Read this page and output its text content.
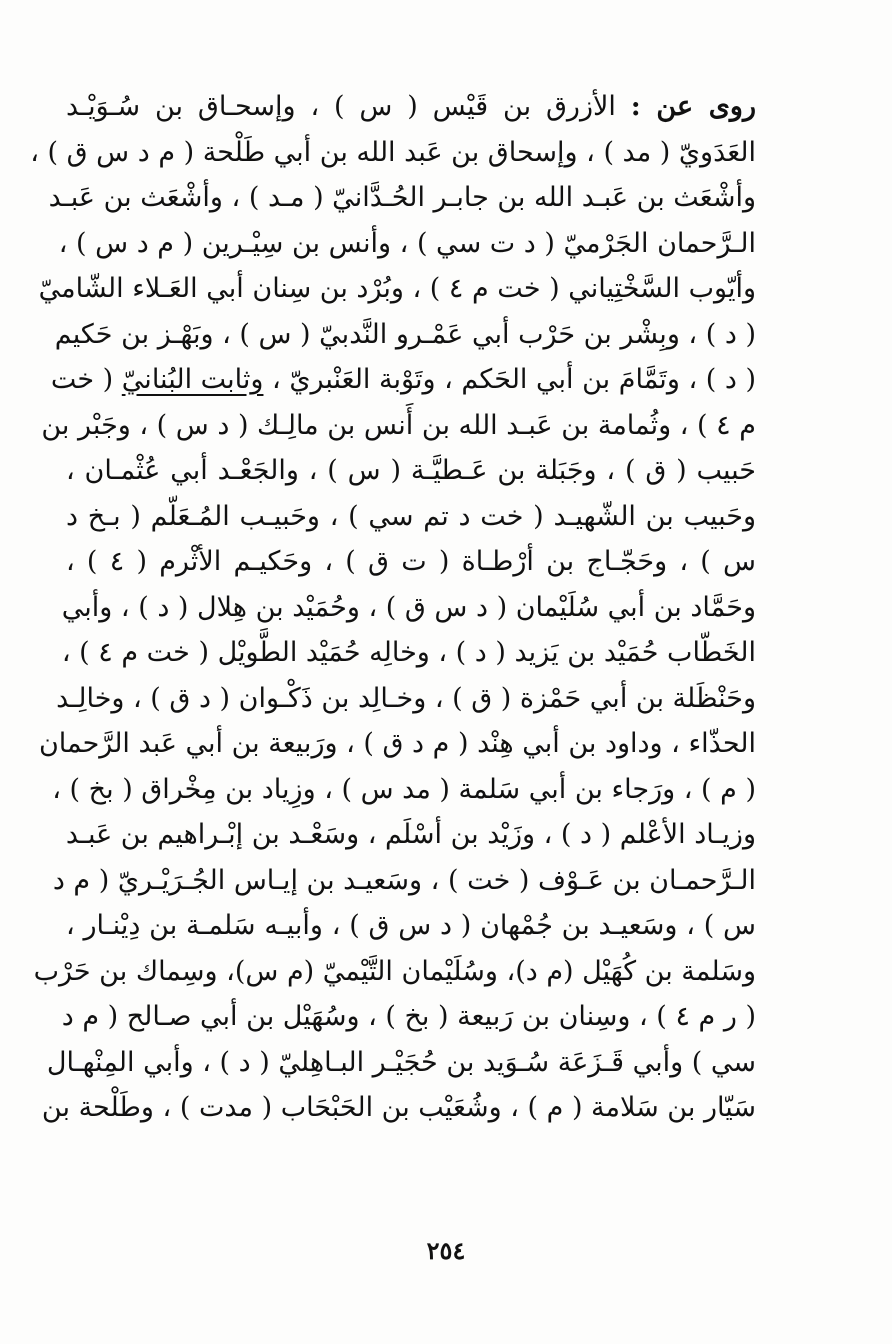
روى عن : الأزرق بن قَيْس ( س ) ، وإسحـاق بن سُـوَيْـد
العَدَويّ ( مد ) ، وإسحاق بن عَبد الله بن أبي طَلْحة ( م د س ق ) ،
وأشْعَث بن عَبـد الله بن جابـر الحُـدَّانيّ ( مـد ) ، وأشْعَث بن عَبـد
الـرَّحمان الجَرْميّ ( د ت سي ) ، وأنس بن سِيْـرين ( م د س ) ،
وأيّوب السَّخْتِياني ( خت م ٤ ) ، وبُرْد بن سِنان أبي العَـلاء الشّاميّ
( د ) ، وبِشْر بن حَرْب أبي عَمْـرو النَّدبيّ ( س ) ، وبَهْـز بن حَكيم
( د ) ، وتَمَّامَ بن أبي الحَكم ، وتَوْبة العَنْبريّ ، وثابت البُنانيّ ( خت
م ٤ ) ، وثُمامة بن عَبـد الله بن أَنس بن مالِـك ( د س ) ، وجَبْر بن
حَبيب ( ق ) ، وجَبَلة بن عَـطيَّـة ( س ) ، والجَعْـد أبي عُثْمـان ،
وحَبيب بن الشّهيـد ( خت د تم سي ) ، وحَبيـب المُـعَلّم ( بـخ د
س ) ، وحَجّـاج بن أرْطـاة ( ت ق ) ، وحَكيـم الأثْرم ( ٤ ) ،
وحَمَّاد بن أبي سُلَيْمان ( د س ق ) ، وحُمَيْد بن هِلال ( د ) ، وأبي
الخَطّاب حُمَيْد بن يَزيد ( د ) ، وخالِه حُمَيْد الطَّويْل ( خت م ٤ ) ،
وحَنْظَلة بن أبي حَمْزة ( ق ) ، وخـالِد بن ذَكْـوان ( د ق ) ، وخالِـد
الحذّاء ، وداود بن أبي هِنْد ( م د ق ) ، ورَبيعة بن أبي عَبد الرَّحمان
( م ) ، ورَجاء بن أبي سَلمة ( مد س ) ، وزِياد بن مِخْراق ( بخ ) ،
وزيـاد الأعْلم ( د ) ، وزَيْد بن أسْلَم ، وسَعْـد بن إبْـراهيم بن عَبـد
الـرَّحمـان بن عَـوْف ( خت ) ، وسَعيـد بن إيـاس الجُـرَيْـريّ ( م د
س ) ، وسَعيـد بن جُمْهان ( د س ق ) ، وأبيـه سَلمـة بن دِيْنـار ،
وسَلمة بن كُهَيْل (م د)، وسُلَيْمان التَّيْميّ (م س)، وسِماك بن حَرْب
( ر م ٤ ) ، وسِنان بن رَبيعة ( بخ ) ، وسُهَيْل بن أبي صـالح ( م د
سي ) وأبي قَـزَعَة سُـوَيد بن حُجَيْـر البـاهِليّ ( د ) ، وأبي المِنْهـال
سَيّار بن سَلامة ( م ) ، وشُعَيْب بن الحَبْحَاب ( مدت ) ، وطَلْحة بن
٢٥٤
